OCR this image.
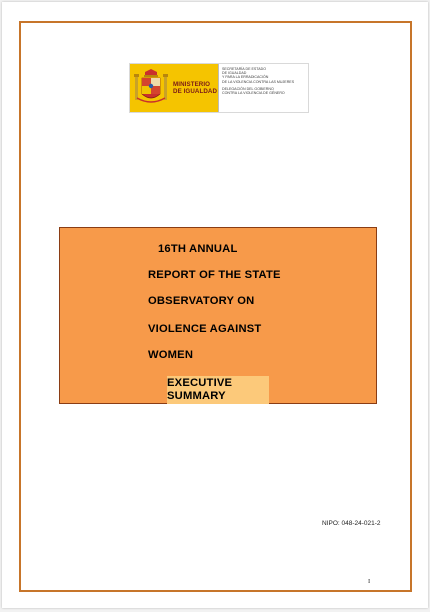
MINISTERIO
DE IGUALDAD
SECRETARÍA DE ESTADO
DE IGUALDAD
Y PARA LA ERRADICACIÓN
DE LA VIOLENCIA CONTRA LAS MUJERES
DELEGACIÓN DEL GOBIERNO
CONTRA LA VIOLENCIA DE GÉNERO
16TH ANNUAL
REPORT OF THE STATE
OBSERVATORY ON
VIOLENCE AGAINST
WOMEN
EXECUTIVE
SUMMARY
NIPO: 048-24-021-2
I
